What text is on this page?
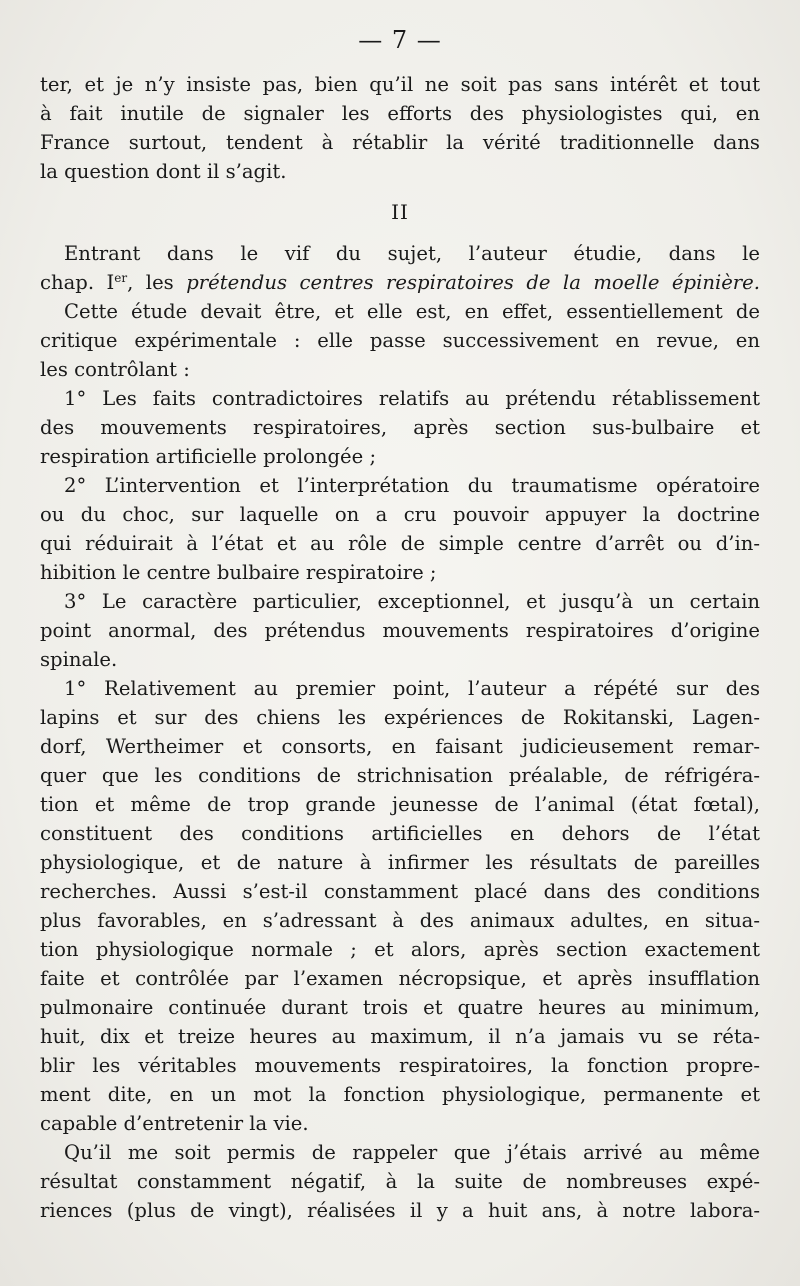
— 7 —
ter, et je n’y insiste pas, bien qu’il ne soit pas sans intérêt et tout
à fait inutile de signaler les efforts des physiologistes qui, en
France surtout, tendent à rétablir la vérité traditionnelle dans
la question dont il s’agit.
II
Entrant dans le vif du sujet, l’auteur étudie, dans le
chap. Ier, les prétendus centres respiratoires de la moelle épinière.
Cette étude devait être, et elle est, en effet, essentiellement de
critique expérimentale : elle passe successivement en revue, en
les contrôlant :
1° Les faits contradictoires relatifs au prétendu rétablissement
des mouvements respiratoires, après section sus-bulbaire et
respiration artificielle prolongée ;
2° L’intervention et l’interprétation du traumatisme opératoire
ou du choc, sur laquelle on a cru pouvoir appuyer la doctrine
qui réduirait à l’état et au rôle de simple centre d’arrêt ou d’in-
hibition le centre bulbaire respiratoire ;
3° Le caractère particulier, exceptionnel, et jusqu’à un certain
point anormal, des prétendus mouvements respiratoires d’origine
spinale.
1° Relativement au premier point, l’auteur a répété sur des
lapins et sur des chiens les expériences de Rokitanski, Lagen-
dorf, Wertheimer et consorts, en faisant judicieusement remar-
quer que les conditions de strichnisation préalable, de réfrigéra-
tion et même de trop grande jeunesse de l’animal (état fœtal),
constituent des conditions artificielles en dehors de l’état
physiologique, et de nature à infirmer les résultats de pareilles
recherches. Aussi s’est-il constamment placé dans des conditions
plus favorables, en s’adressant à des animaux adultes, en situa-
tion physiologique normale ; et alors, après section exactement
faite et contrôlée par l’examen nécropsique, et après insufflation
pulmonaire continuée durant trois et quatre heures au minimum,
huit, dix et treize heures au maximum, il n’a jamais vu se réta-
blir les véritables mouvements respiratoires, la fonction propre-
ment dite, en un mot la fonction physiologique, permanente et
capable d’entretenir la vie.
Qu’il me soit permis de rappeler que j’étais arrivé au même
résultat constamment négatif, à la suite de nombreuses expé-
riences (plus de vingt), réalisées il y a huit ans, à notre labora-
